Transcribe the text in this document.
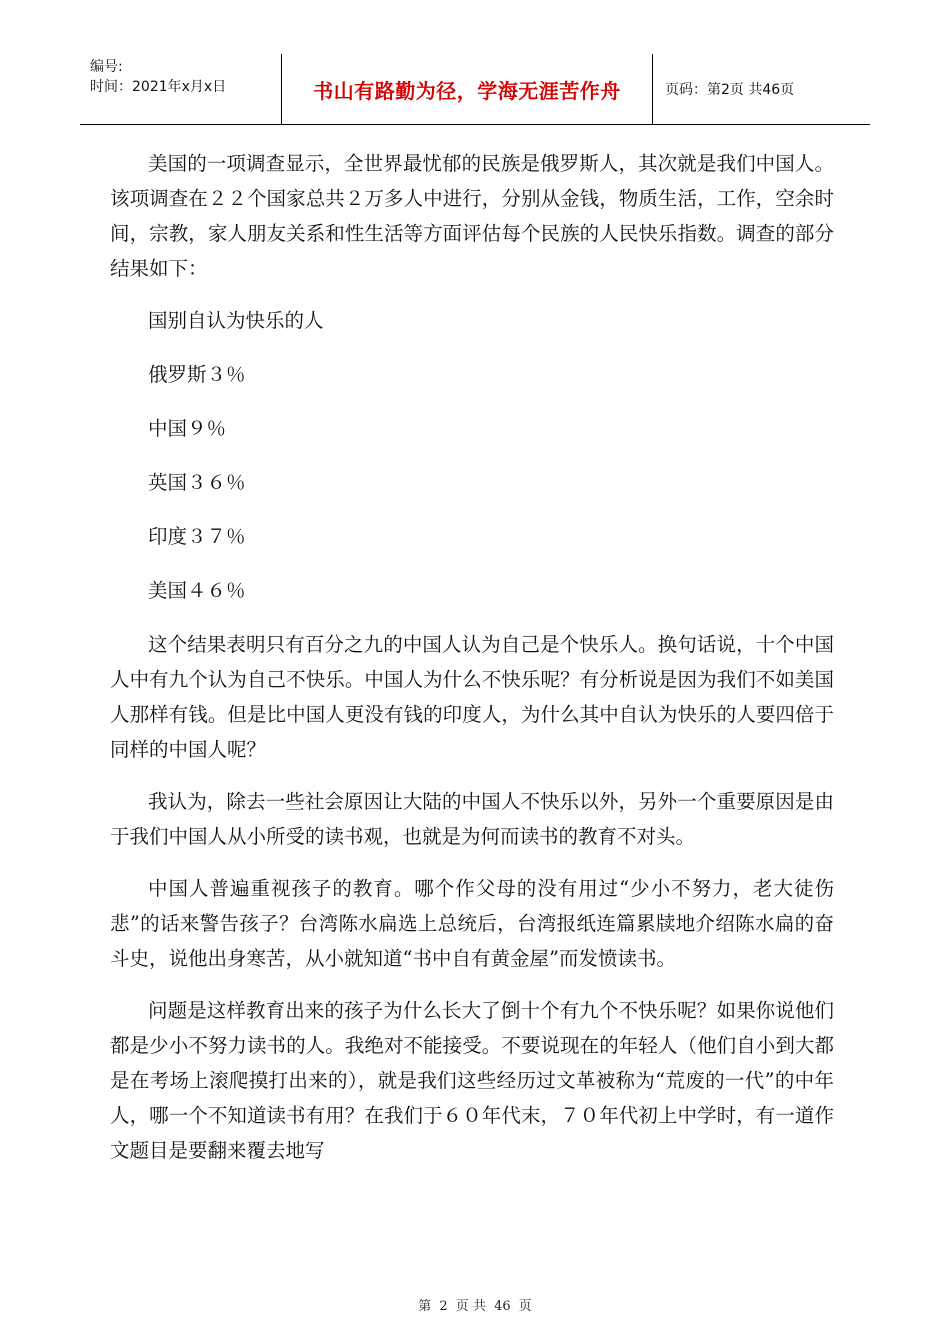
编号:
时间：2021年x月x日	书山有路勤为径，学海无涯苦作舟	页码：第2页 共46页

美国的一项调查显示，全世界最忧郁的民族是俄罗斯人，其次就是我们中国人。该项调查在２２个国家总共２万多人中进行，分别从金钱，物质生活，工作，空余时间，宗教，家人朋友关系和性生活等方面评估每个民族的人民快乐指数。调查的部分结果如下：

国别自认为快乐的人

俄罗斯３％

中国９％

英国３６％

印度３７％

美国４６％

这个结果表明只有百分之九的中国人认为自己是个快乐人。换句话说，十个中国人中有九个认为自己不快乐。中国人为什么不快乐呢？有分析说是因为我们不如美国人那样有钱。但是比中国人更没有钱的印度人，为什么其中自认为快乐的人要四倍于同样的中国人呢？

我认为，除去一些社会原因让大陆的中国人不快乐以外，另外一个重要原因是由于我们中国人从小所受的读书观，也就是为何而读书的教育不对头。

中国人普遍重视孩子的教育。哪个作父母的没有用过“少小不努力，老大徒伤悲”的话来警告孩子？台湾陈水扁选上总统后，台湾报纸连篇累牍地介绍陈水扁的奋斗史，说他出身寒苦，从小就知道“书中自有黄金屋”而发愤读书。

问题是这样教育出来的孩子为什么长大了倒十个有九个不快乐呢？如果你说他们都是少小不努力读书的人。我绝对不能接受。不要说现在的年轻人（他们自小到大都是在考场上滚爬摸打出来的），就是我们这些经历过文革被称为“荒废的一代”的中年人，哪一个不知道读书有用？在我们于６０年代末，７０年代初上中学时，有一道作文题目是要翻来覆去地写

第 2 页 共 46 页
